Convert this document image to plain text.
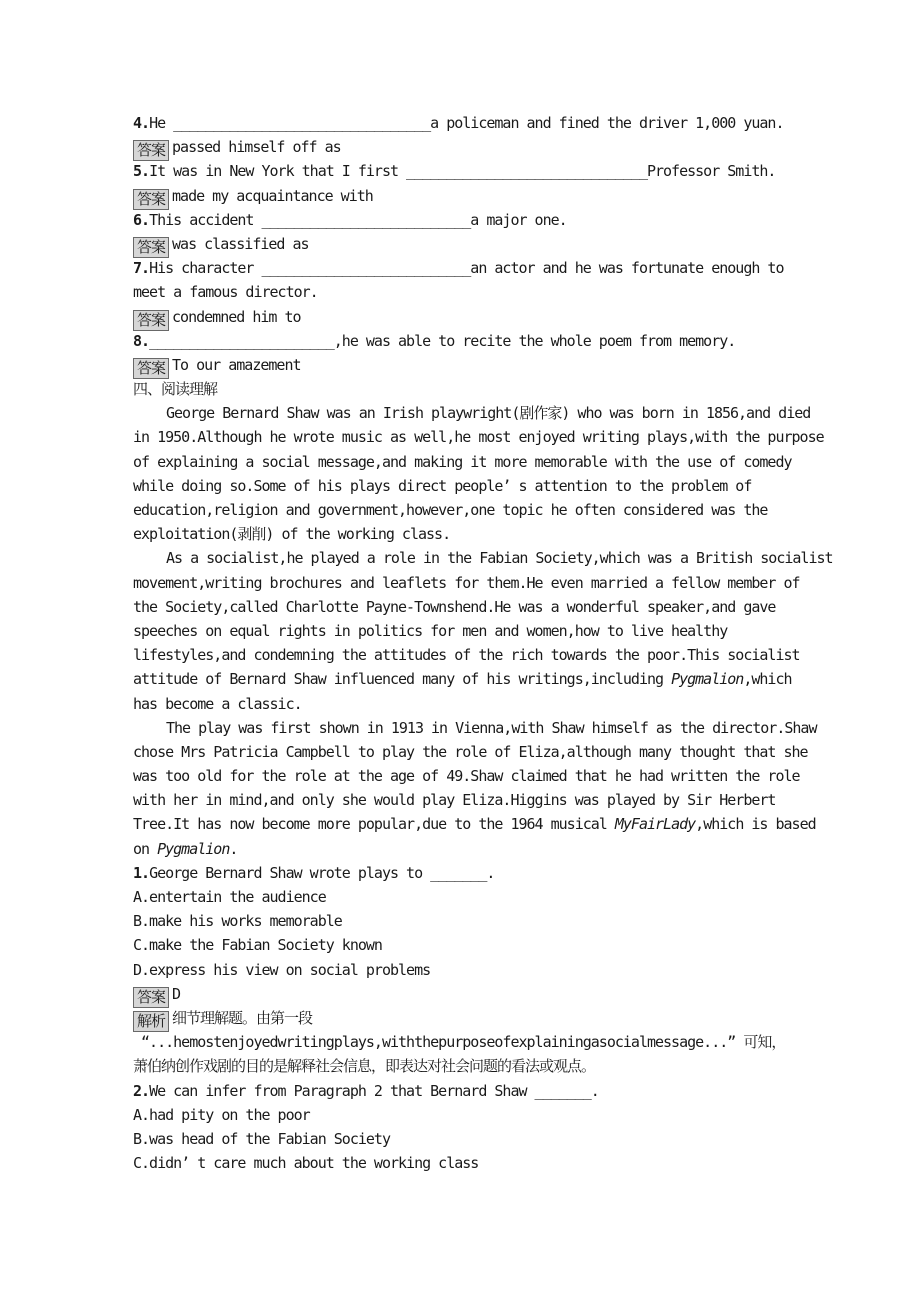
4.He ________________________________a policeman and fined the driver 1,000 yuan.
答案 passed himself off as
5.It was in New York that I first ______________________________Professor Smith.
答案 made my acquaintance with
6.This accident __________________________a major one.
答案 was classified as
7.His character __________________________an actor and he was fortunate enough to
meet a famous director.
答案 condemned him to
8._______________________,he was able to recite the whole poem from memory.
答案 To our amazement
四、阅读理解
George Bernard Shaw was an Irish playwright(剧作家) who was born in 1856,and died
in 1950.Although he wrote music as well,he most enjoyed writing plays,with the purpose
of explaining a social message,and making it more memorable with the use of comedy
while doing so.Some of his plays direct people’ s attention to the problem of
education,religion and government,however,one topic he often considered was the
exploitation(剥削) of the working class.
As a socialist,he played a role in the Fabian Society,which was a British socialist
movement,writing brochures and leaflets for them.He even married a fellow member of
the Society,called Charlotte Payne-Townshend.He was a wonderful speaker,and gave
speeches on equal rights in politics for men and women,how to live healthy
lifestyles,and condemning the attitudes of the rich towards the poor.This socialist
attitude of Bernard Shaw influenced many of his writings,including Pygmalion,which
has become a classic.
The play was first shown in 1913 in Vienna,with Shaw himself as the director.Shaw
chose Mrs Patricia Campbell to play the role of Eliza,although many thought that she
was too old for the role at the age of 49.Shaw claimed that he had written the role
with her in mind,and only she would play Eliza.Higgins was played by Sir Herbert
Tree.It has now become more popular,due to the 1964 musical MyFairLady,which is based
on Pygmalion.
1.George Bernard Shaw wrote plays to _______.
A.entertain the audience
B.make his works memorable
C.make the Fabian Society known
D.express his view on social problems
答案 D
解析 细节理解题。由第一段
“...hemostenjoyedwritingplays,withthepurposeofexplainingasocialmessage...” 可知，
萧伯纳创作戏剧的目的是解释社会信息，即表达对社会问题的看法或观点。
2.We can infer from Paragraph 2 that Bernard Shaw _______.
A.had pity on the poor
B.was head of the Fabian Society
C.didn’ t care much about the working class
